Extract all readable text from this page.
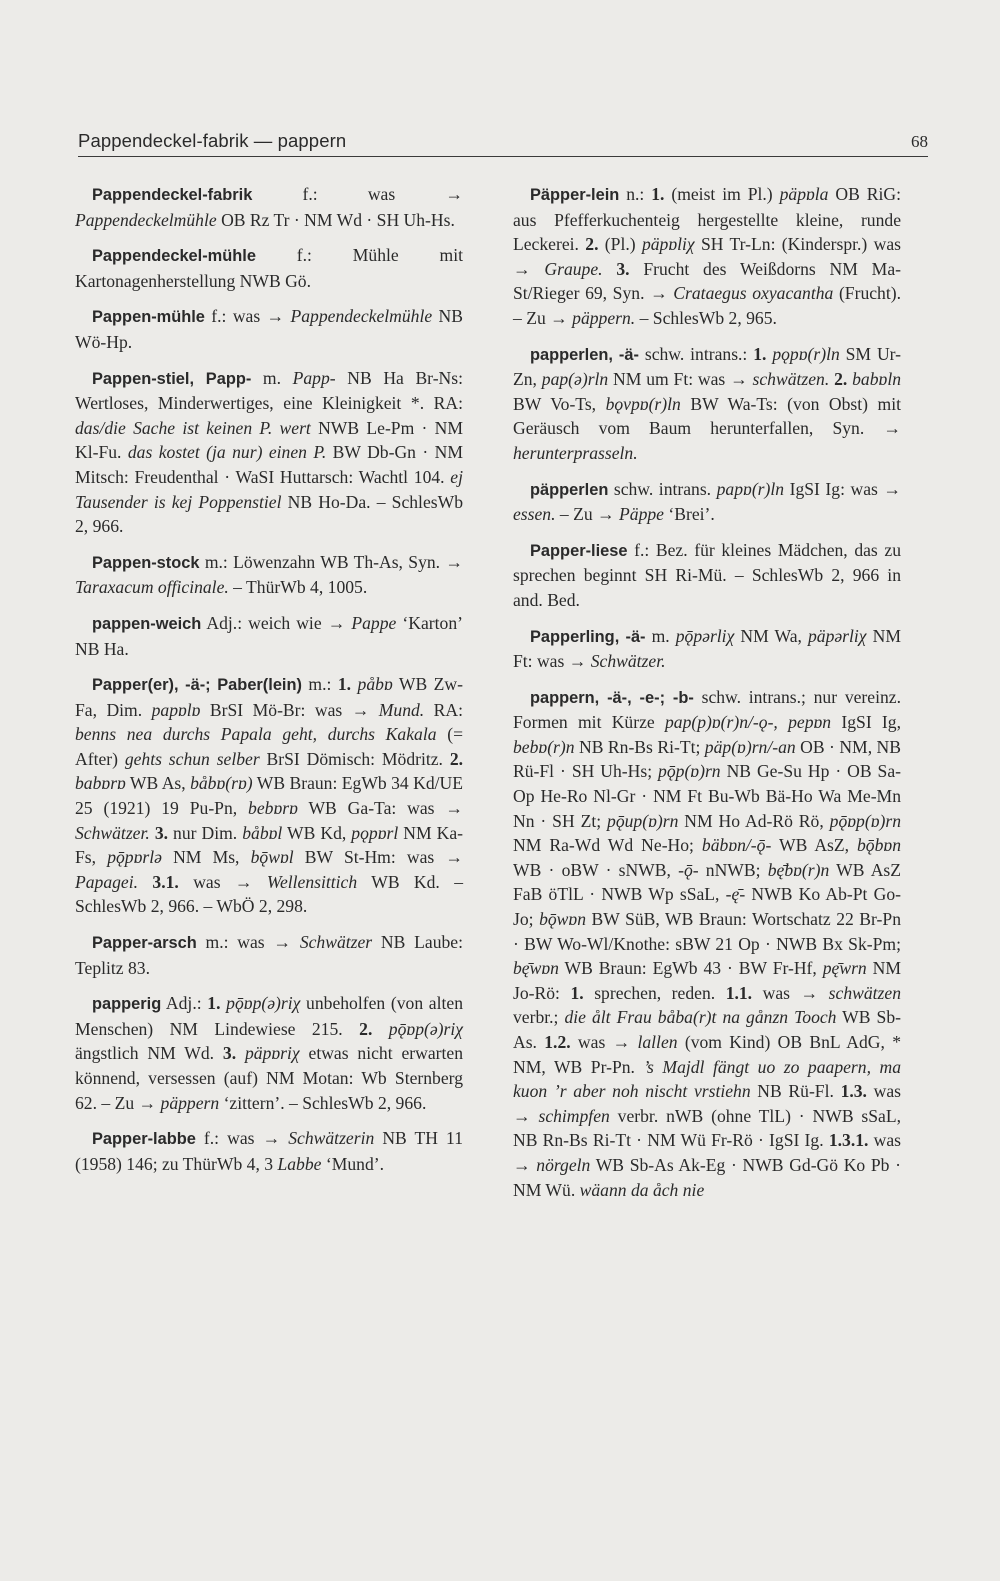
Pappendeckel-fabrik — pappern	68

Pappendeckel-fabrik f.: was → Pappendeckelmühle OB Rz Tr · NM Wd · SH Uh-Hs.

Pappendeckel-mühle f.: Mühle mit Kartonagenherstellung NWB Gö.

Pappen-mühle f.: was → Pappendeckelmühle NB Wö-Hp.

Pappen-stiel, Papp- m. Papp- NB Ha Br-Ns: Wertloses, Minderwertiges, eine Kleinigkeit *. RA: das/die Sache ist keinen P. wert NWB Le-Pm · NM Kl-Fu. das kostet (ja nur) einen P. BW Db-Gn · NM Mitsch: Freudenthal · WaSI Huttarsch: Wachtl 104. ej Tausender is kej Poppenstiel NB Ho-Da. – SchlesWb 2, 966.

Pappen-stock m.: Löwenzahn WB Th-As, Syn. → Taraxacum officinale. – ThürWb 4, 1005.

pappen-weich Adj.: weich wie → Pappe ‘Karton’ NB Ha.

Papper(er), -ä-; Paber(lein) m.: 1. påbɒ WB Zw-Fa, Dim. papɒlɒ BrSI Mö-Br: was → Mund. RA: benns nea durchs Papala geht, durchs Kakala (= After) gehts schun selber BrSI Dömisch: Mödritz. 2. babɒrɒ WB As, båbɒ(rɒ) WB Braun: EgWb 34 Kd/UE 25 (1921) 19 Pu-Pn, bebɒrɒ WB Ga-Ta: was → Schwätzer. 3. nur Dim. båbɒl WB Kd, pǫpɒrl NM Ka-Fs, pǭpɒrlə NM Ms, bǭwɒl BW St-Hm: was → Papagei. 3.1. was → Wellensittich WB Kd. – SchlesWb 2, 966. – WbÖ 2, 298.

Papper-arsch m.: was → Schwätzer NB Laube: Teplitz 83.

papperig Adj.: 1. pǭɒp(ə)riχ unbeholfen (von alten Menschen) NM Lindewiese 215. 2. pǭɒp(ə)riχ ängstlich NM Wd. 3. päpɒriχ etwas nicht erwarten könnend, versessen (auf) NM Motan: Wb Sternberg 62. – Zu → päppern ‘zittern’. – SchlesWb 2, 966.

Papper-labbe f.: was → Schwätzerin NB TH 11 (1958) 146; zu ThürWb 4, 3 Labbe ‘Mund’.

Päpper-lein n.: 1. (meist im Pl.) päpɒla OB RiG: aus Pfefferkuchenteig hergestellte kleine, runde Leckerei. 2. (Pl.) päpɒliχ SH Tr-Ln: (Kinderspr.) was → Graupe. 3. Frucht des Weißdorns NM Ma-St/Rieger 69, Syn. → Crataegus oxyacantha (Frucht). – Zu → päppern. – SchlesWb 2, 965.

papperlen, -ä- schw. intrans.: 1. pǫpɒ(r)ln SM Ur-Zn, pap(ə)rln NM um Ft: was → schwätzen. 2. babɒln BW Vo-Ts, bǫvpɒ(r)ln BW Wa-Ts: (von Obst) mit Geräusch vom Baum herunterfallen, Syn. → herunterprasseln.

päpperlen schw. intrans. papɒ(r)ln IgSI Ig: was → essen. – Zu → Päppe ‘Brei’.

Papper-liese f.: Bez. für kleines Mädchen, das zu sprechen beginnt SH Ri-Mü. – SchlesWb 2, 966 in and. Bed.

Papperling, -ä- m. pǭpərliχ NM Wa, päpərliχ NM Ft: was → Schwätzer.

pappern, -ä-, -e-; -b- schw. intrans.; nur vereinz. Formen mit Kürze pap(p)ɒ(r)n/-ǫ-, pepɒn IgSI Ig, bebɒ(r)n NB Rn-Bs Ri-Tt; päp(ɒ)rn/-an OB · NM, NB Rü-Fl · SH Uh-Hs; pǭp(ɒ)rn NB Ge-Su Hp · OB Sa-Op He-Ro Nl-Gr · NM Ft Bu-Wb Bä-Ho Wa Me-Mn Nn · SH Zt; pǭup(ɒ)rn NM Ho Ad-Rö Rö, pǭɒp(ɒ)rn NM Ra-Wd Wd Ne-Ho; bäbɒn/-ǭ- WB AsZ, bǭbɒn WB · oBW · sNWB, -ǭ- nNWB; bę̄bɒ(r)n WB AsZ FaB öTlL · NWB Wp sSaL, -ę̄- NWB Ko Ab-Pt Go-Jo; bǭwɒn BW SüB, WB Braun: Wortschatz 22 Br-Pn · BW Wo-Wl/Knothe: sBW 21 Op · NWB Bx Sk-Pm; bę̄wɒn WB Braun: EgWb 43 · BW Fr-Hf, pę̄wrn NM Jo-Rö: 1. sprechen, reden. 1.1. was → schwätzen verbr.; die ålt Frau båba(r)t na gånzn Tooch WB Sb-As. 1.2. was → lallen (vom Kind) OB BnL AdG, * NM, WB Pr-Pn. ’s Majdl fängt uo zo paapern, ma kuon ’r aber noh nischt vrstiehn NB Rü-Fl. 1.3. was → schimpfen verbr. nWB (ohne TlL) · NWB sSaL, NB Rn-Bs Ri-Tt · NM Wü Fr-Rö · IgSI Ig. 1.3.1. was → nörgeln WB Sb-As Ak-Eg · NWB Gd-Gö Ko Pb · NM Wü. wäann da åch nie
